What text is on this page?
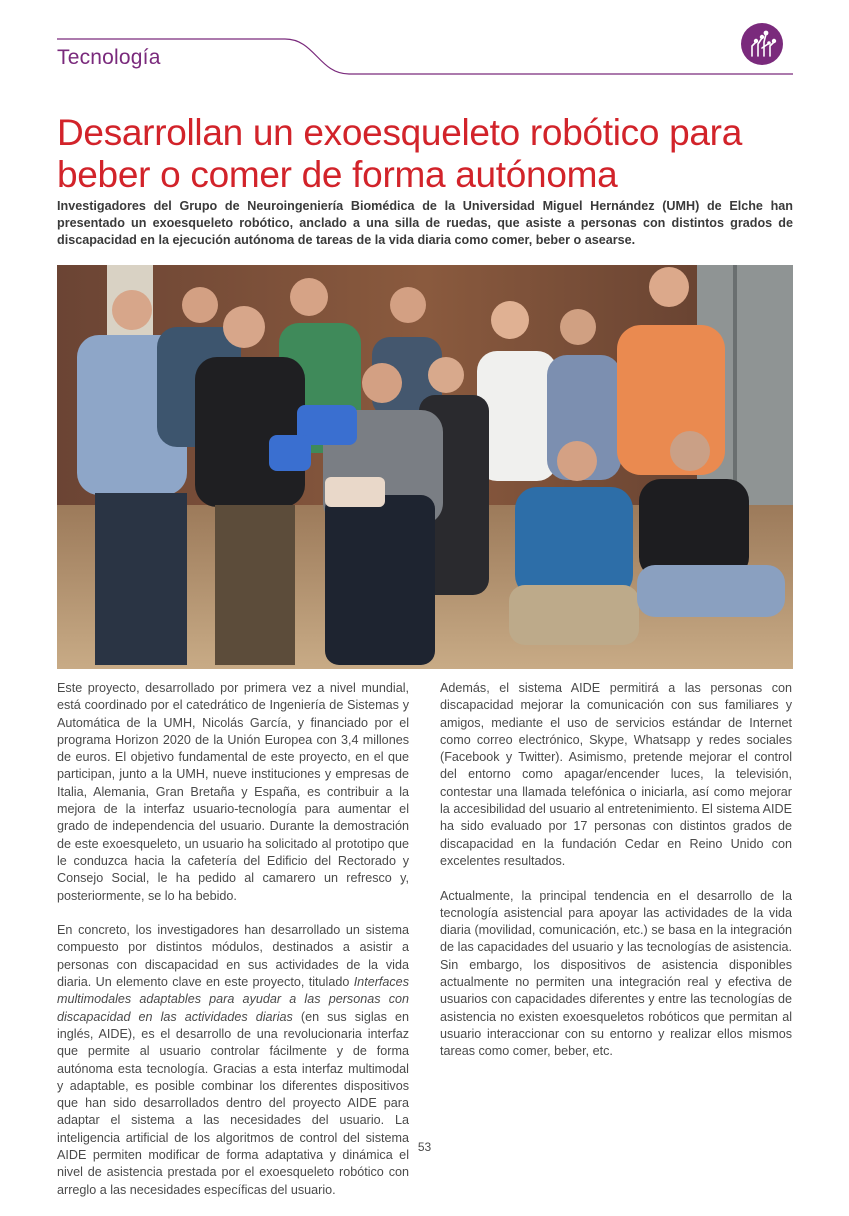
Tecnología
Desarrollan un exoesqueleto robótico para beber o comer de forma autónoma

Investigadores del Grupo de Neuroingeniería Biomédica de la Universidad Miguel Hernández (UMH) de Elche han presentado un exoesqueleto robótico, anclado a una silla de ruedas, que asiste a personas con distintos grados de discapacidad en la ejecución autónoma de tareas de la vida diaria como comer, beber o asearse.

Este proyecto, desarrollado por primera vez a nivel mundial, está coordinado por el catedrático de Ingeniería de Sistemas y Automática de la UMH, Nicolás García, y financiado por el programa Horizon 2020 de la Unión Europea con 3,4 millones de euros. El objetivo fundamental de este proyecto, en el que participan, junto a la UMH, nueve instituciones y empresas de Italia, Alemania, Gran Bretaña y España, es contribuir a la mejora de la interfaz usuario-tecnología para aumentar el grado de independencia del usuario. Durante la demostración de este exoesqueleto, un usuario ha solicitado al prototipo que le conduzca hacia la cafetería del Edificio del Rectorado y Consejo Social, le ha pedido al camarero un refresco y, posteriormente, se lo ha bebido.

En concreto, los investigadores han desarrollado un sistema compuesto por distintos módulos, destinados a asistir a personas con discapacidad en sus actividades de la vida diaria. Un elemento clave en este proyecto, titulado Interfaces multimodales adaptables para ayudar a las personas con discapacidad en las actividades diarias (en sus siglas en inglés, AIDE), es el desarrollo de una revolucionaria interfaz que permite al usuario controlar fácilmente y de forma autónoma esta tecnología. Gracias a esta interfaz multimodal y adaptable, es posible combinar los diferentes dispositivos que han sido desarrollados dentro del proyecto AIDE para adaptar el sistema a las necesidades del usuario. La inteligencia artificial de los algoritmos de control del sistema AIDE permiten modificar de forma adaptativa y dinámica el nivel de asistencia prestada por el exoesqueleto robótico con arreglo a las necesidades específicas del usuario.

Además, el sistema AIDE permitirá a las personas con discapacidad mejorar la comunicación con sus familiares y amigos, mediante el uso de servicios estándar de Internet como correo electrónico, Skype, Whatsapp y redes sociales (Facebook y Twitter). Asimismo, pretende mejorar el control del entorno como apagar/encender luces, la televisión, contestar una llamada telefónica o iniciarla, así como mejorar la accesibilidad del usuario al entretenimiento. El sistema AIDE ha sido evaluado por 17 personas con distintos grados de discapacidad en la fundación Cedar en Reino Unido con excelentes resultados.

Actualmente, la principal tendencia en el desarrollo de la tecnología asistencial para apoyar las actividades de la vida diaria (movilidad, comunicación, etc.) se basa en la integración de las capacidades del usuario y las tecnologías de asistencia. Sin embargo, los dispositivos de asistencia disponibles actualmente no permiten una integración real y efectiva de usuarios con capacidades diferentes y entre las tecnologías de asistencia no existen exoesqueletos robóticos que permitan al usuario interaccionar con su entorno y realizar ellos mismos tareas como comer, beber, etc.

53
